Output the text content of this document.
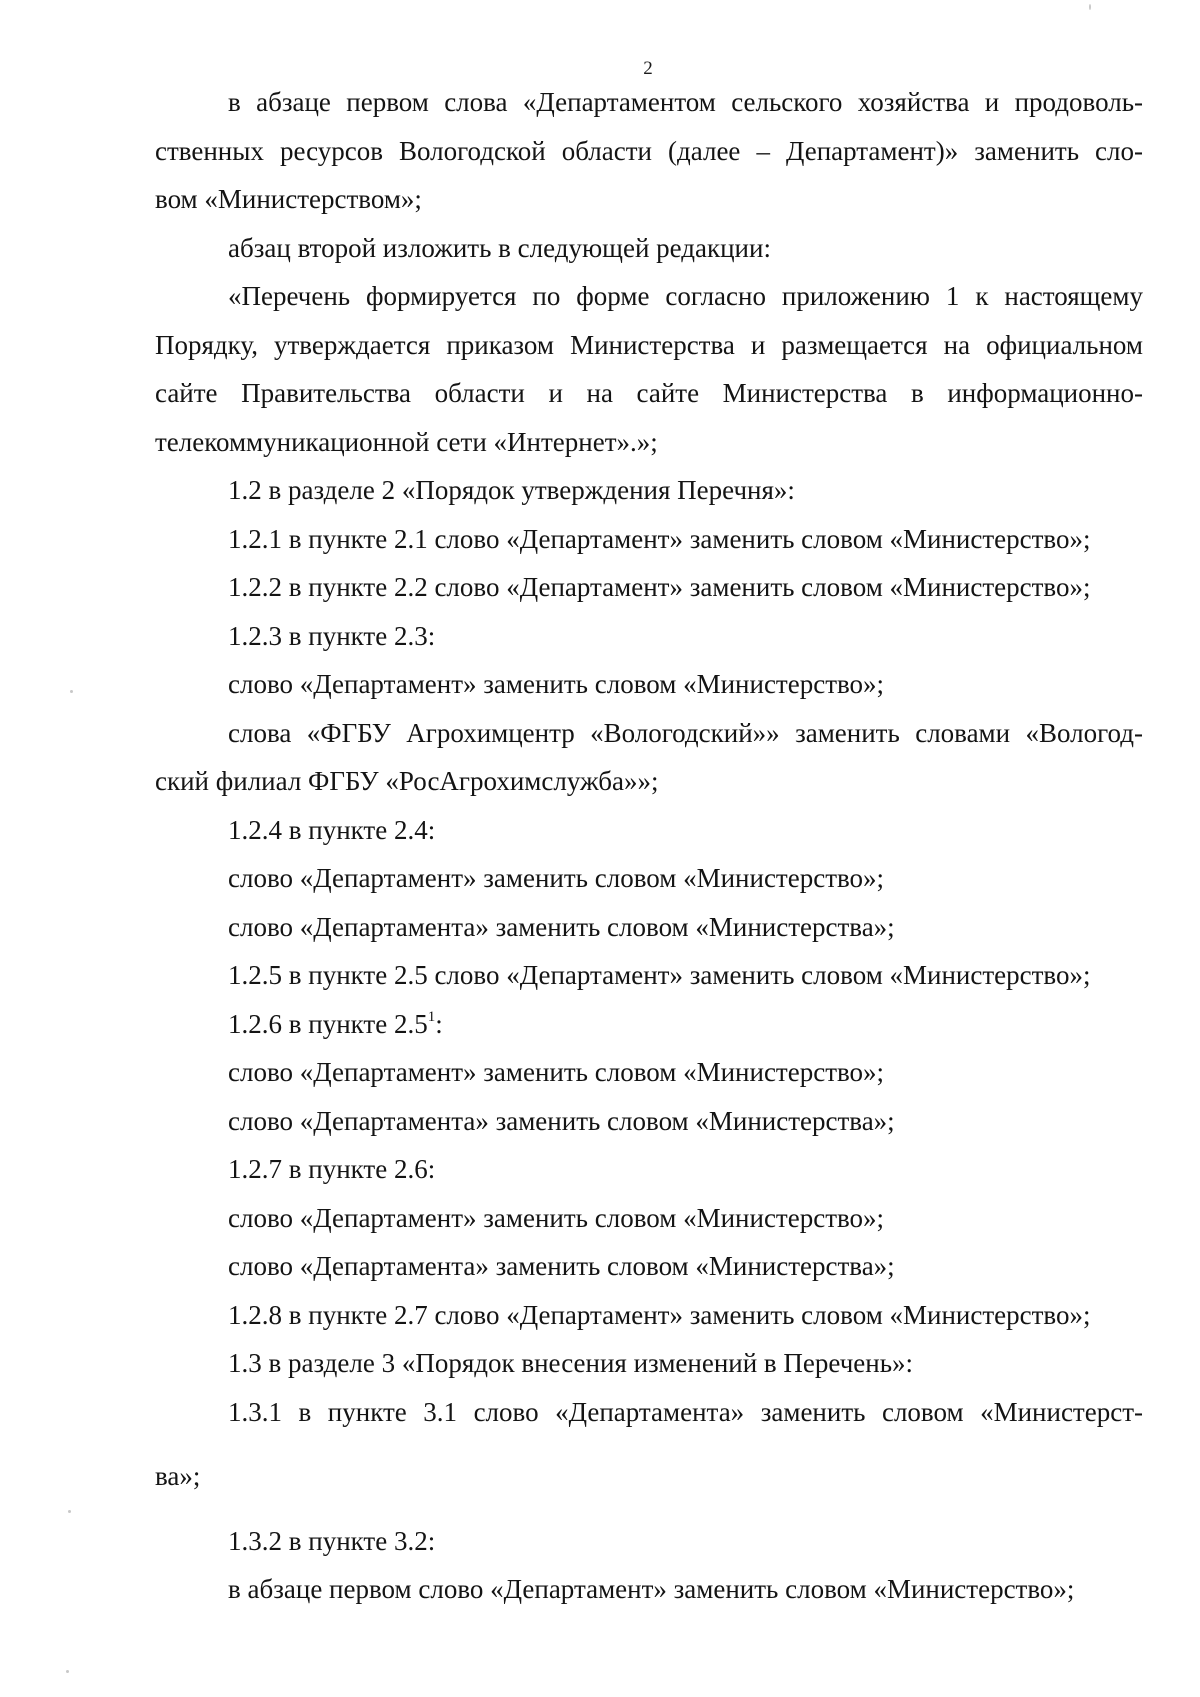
2

в абзаце первом слова «Департаментом сельского хозяйства и продоволь-

ственных ресурсов Вологодской области (далее – Департамент)» заменить сло-

вом «Министерством»;

абзац второй изложить в следующей редакции:

«Перечень формируется по форме согласно приложению 1 к настоящему

Порядку, утверждается приказом Министерства и размещается на официальном

сайте Правительства области и на сайте Министерства в информационно-

телекоммуникационной сети «Интернет».»;

1.2 в разделе 2 «Порядок утверждения Перечня»:

1.2.1 в пункте 2.1 слово «Департамент» заменить словом «Министерство»;

1.2.2 в пункте 2.2 слово «Департамент» заменить словом «Министерство»;

1.2.3 в пункте 2.3:

слово «Департамент» заменить словом «Министерство»;

слова «ФГБУ Агрохимцентр «Вологодский»» заменить словами «Вологод-

ский филиал ФГБУ «РосАгрохимслужба»»;

1.2.4 в пункте 2.4:

слово «Департамент» заменить словом «Министерство»;

слово «Департамента» заменить словом «Министерства»;

1.2.5 в пункте 2.5 слово «Департамент» заменить словом «Министерство»;

1.2.6 в пункте $2.5^1$:

слово «Департамент» заменить словом «Министерство»;

слово «Департамента» заменить словом «Министерства»;

1.2.7 в пункте 2.6:

слово «Департамент» заменить словом «Министерство»;

слово «Департамента» заменить словом «Министерства»;

1.2.8 в пункте 2.7 слово «Департамент» заменить словом «Министерство»;

1.3 в разделе 3 «Порядок внесения изменений в Перечень»:

1.3.1 в пункте 3.1 слово «Департамента» заменить словом «Министерст-

ва»;

1.3.2 в пункте 3.2:

в абзаце первом слово «Департамент» заменить словом «Министерство»;
